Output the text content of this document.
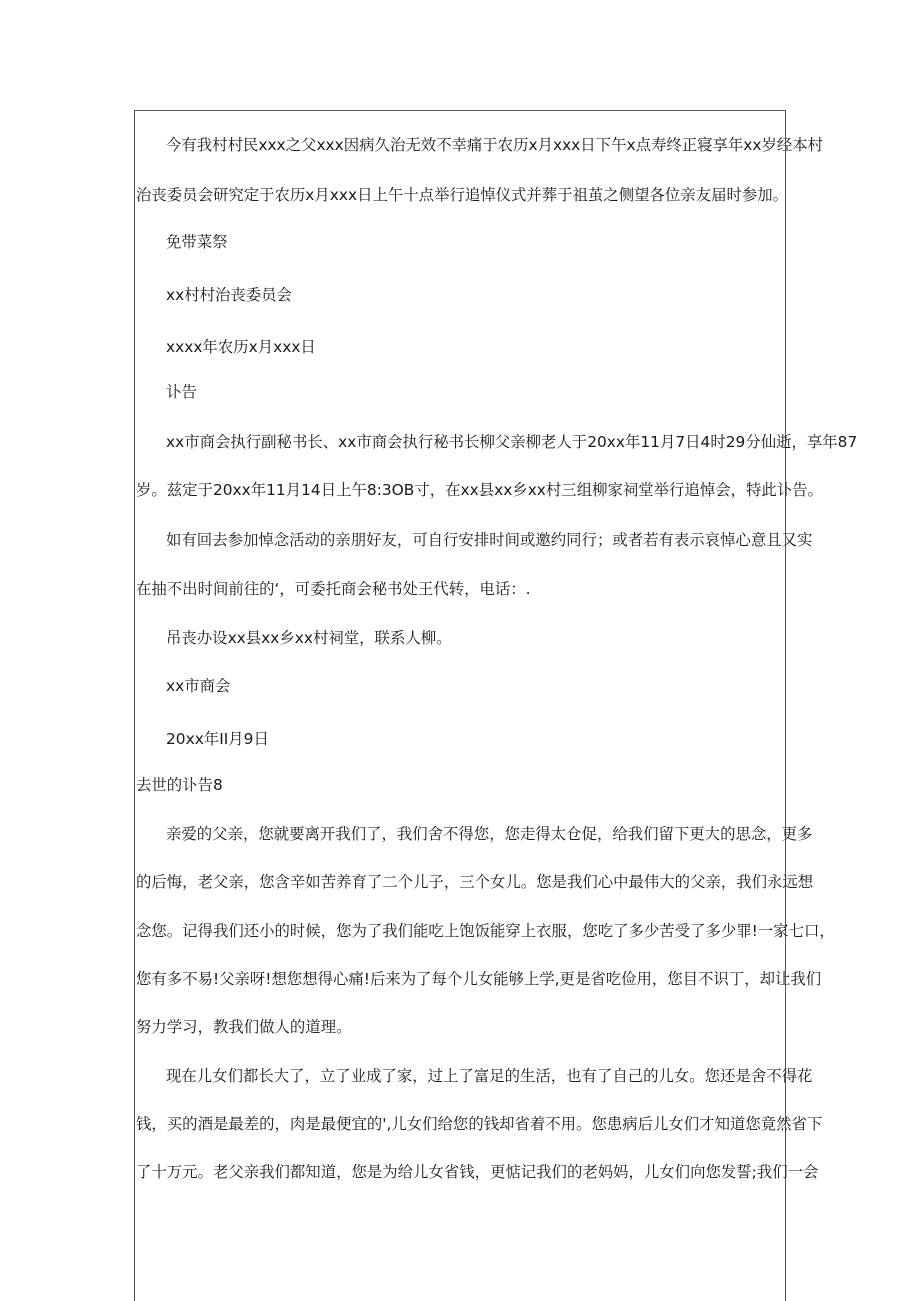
今有我村村民xxx之父xxx因病久治无效不幸痛于农历x月xxx日下午x点寿终正寝享年xx岁经本村
治丧委员会研究定于农历x月xxx日上午十点举行追悼仪式并葬于祖茧之侧望各位亲友届时参加。
免带菜祭
xx村村治丧委员会
xxxx年农历x月xxx日
讣告
xx市商会执行副秘书长、xx市商会执行秘书长柳父亲柳老人于20xx年11月7日4时29分仙逝，享年87
岁。兹定于20xx年11月14日上午8:3OB寸，在xx县xx乡xx村三组柳家祠堂举行追悼会，特此讣告。
如有回去参加悼念活动的亲朋好友，可自行安排时间或邀约同行；或者若有表示哀悼心意且又实
在抽不出时间前往的‘，可委托商会秘书处王代转，电话：.
吊丧办设xx县xx乡xx村祠堂，联系人柳。
xx市商会
20xx年II月9日
去世的讣告8
亲爱的父亲，您就要离开我们了，我们舍不得您，您走得太仓促，给我们留下更大的思念，更多
的后悔，老父亲，您含辛如苦养育了二个儿子，三个女儿。您是我们心中最伟大的父亲，我们永远想
念您。记得我们还小的时候，您为了我们能吃上饱饭能穿上衣服，您吃了多少苦受了多少罪!一家七口，
您有多不易!父亲呀!想您想得心痛!后来为了每个儿女能够上学,更是省吃俭用，您目不识丁，却让我们
努力学习，教我们做人的道理。
现在儿女们都长大了，立了业成了家，过上了富足的生活，也有了自己的儿女。您还是舍不得花
钱，买的酒是最差的，肉是最便宜的',儿女们给您的钱却省着不用。您患病后儿女们才知道您竟然省下
了十万元。老父亲我们都知道，您是为给儿女省钱，更惦记我们的老妈妈，儿女们向您发誓;我们一会
